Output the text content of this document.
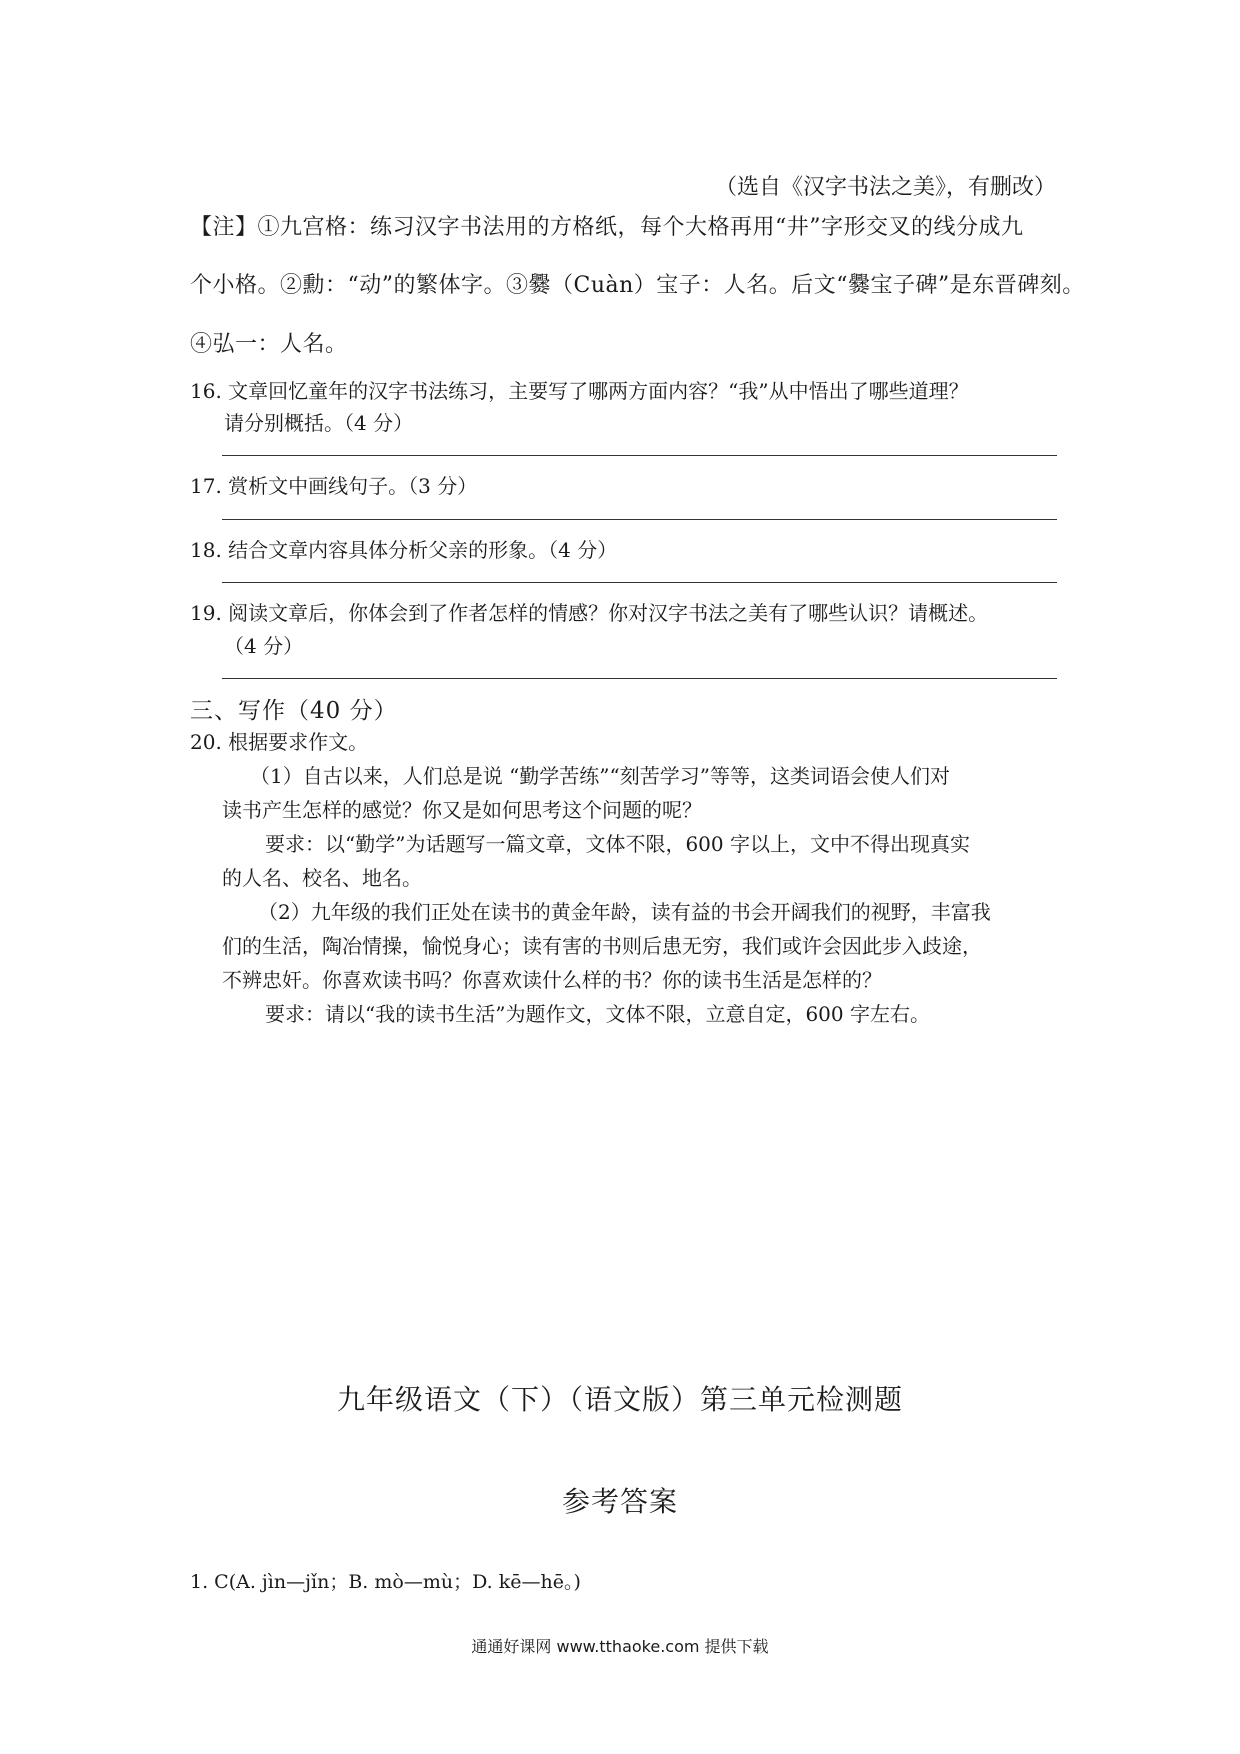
（选自《汉字书法之美》，有删改）

【注】①九宫格：练习汉字书法用的方格纸，每个大格再用“井”字形交叉的线分成九

个小格。②勳：“动”的繁体字。③爨（Cuàn）宝子：人名。后文“爨宝子碑”是东晋碑刻。

④弘一：人名。

16. 文章回忆童年的汉字书法练习，主要写了哪两方面内容？“我”从中悟出了哪些道理？

请分别概括。（4 分）

17. 赏析文中画线句子。（3 分）

18. 结合文章内容具体分析父亲的形象。（4 分）

19. 阅读文章后，你体会到了作者怎样的情感？你对汉字书法之美有了哪些认识？请概述。

（4 分）

三、写作（40 分）

20. 根据要求作文。

（1）自古以来，人们总是说 “勤学苦练”“刻苦学习”等等，这类词语会使人们对

读书产生怎样的感觉？你又是如何思考这个问题的呢？

要求：以“勤学”为话题写一篇文章，文体不限，600 字以上，文中不得出现真实

的人名、校名、地名。

（2）九年级的我们正处在读书的黄金年龄，读有益的书会开阔我们的视野，丰富我

们的生活，陶冶情操，愉悦身心；读有害的书则后患无穷，我们或许会因此步入歧途，

不辨忠奸。你喜欢读书吗？你喜欢读什么样的书？你的读书生活是怎样的？

要求：请以“我的读书生活”为题作文，文体不限，立意自定，600 字左右。

九年级语文（下）（语文版）第三单元检测题

参考答案

1. C(A. jìn—jǐn；B. mò—mù；D. kē—hē。)

通通好课网 www.tthaoke.com 提供下载
